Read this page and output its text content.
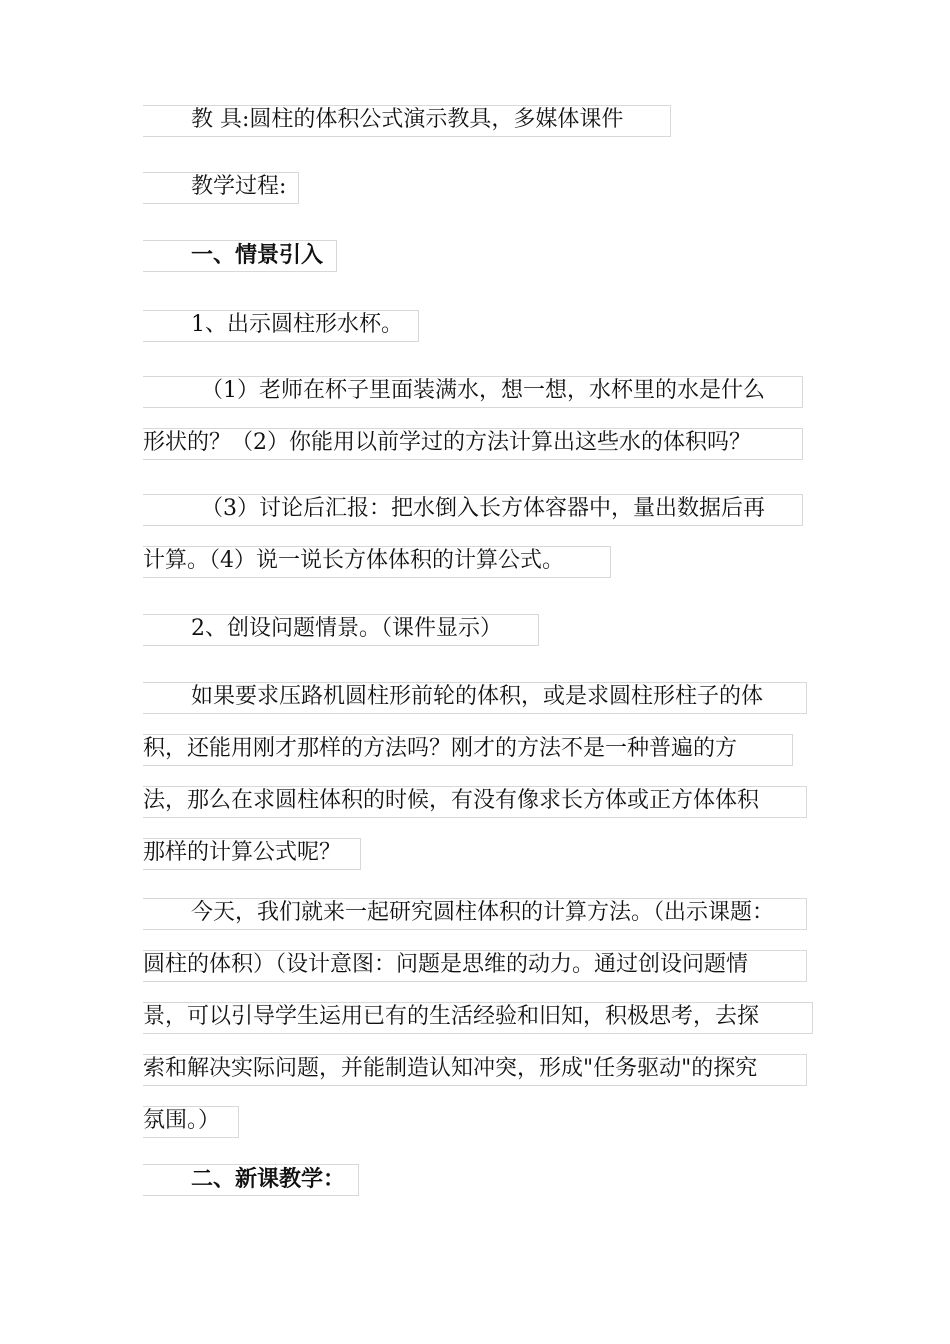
教 具:圆柱的体积公式演示教具，多媒体课件
教学过程:
一、情景引入
1、出示圆柱形水杯。
（1）老师在杯子里面装满水，想一想，水杯里的水是什么
形状的？（2）你能用以前学过的方法计算出这些水的体积吗？
（3）讨论后汇报：把水倒入长方体容器中，量出数据后再
计算。（4）说一说长方体体积的计算公式。
2、创设问题情景。（课件显示）
如果要求压路机圆柱形前轮的体积，或是求圆柱形柱子的体
积，还能用刚才那样的方法吗？刚才的方法不是一种普遍的方
法，那么在求圆柱体积的时候，有没有像求长方体或正方体体积
那样的计算公式呢？
今天，我们就来一起研究圆柱体积的计算方法。（出示课题：
圆柱的体积）（设计意图：问题是思维的动力。通过创设问题情
景，可以引导学生运用已有的生活经验和旧知，积极思考，去探
索和解决实际问题，并能制造认知冲突，形成"任务驱动"的探究
氛围。）
二、新课教学：
